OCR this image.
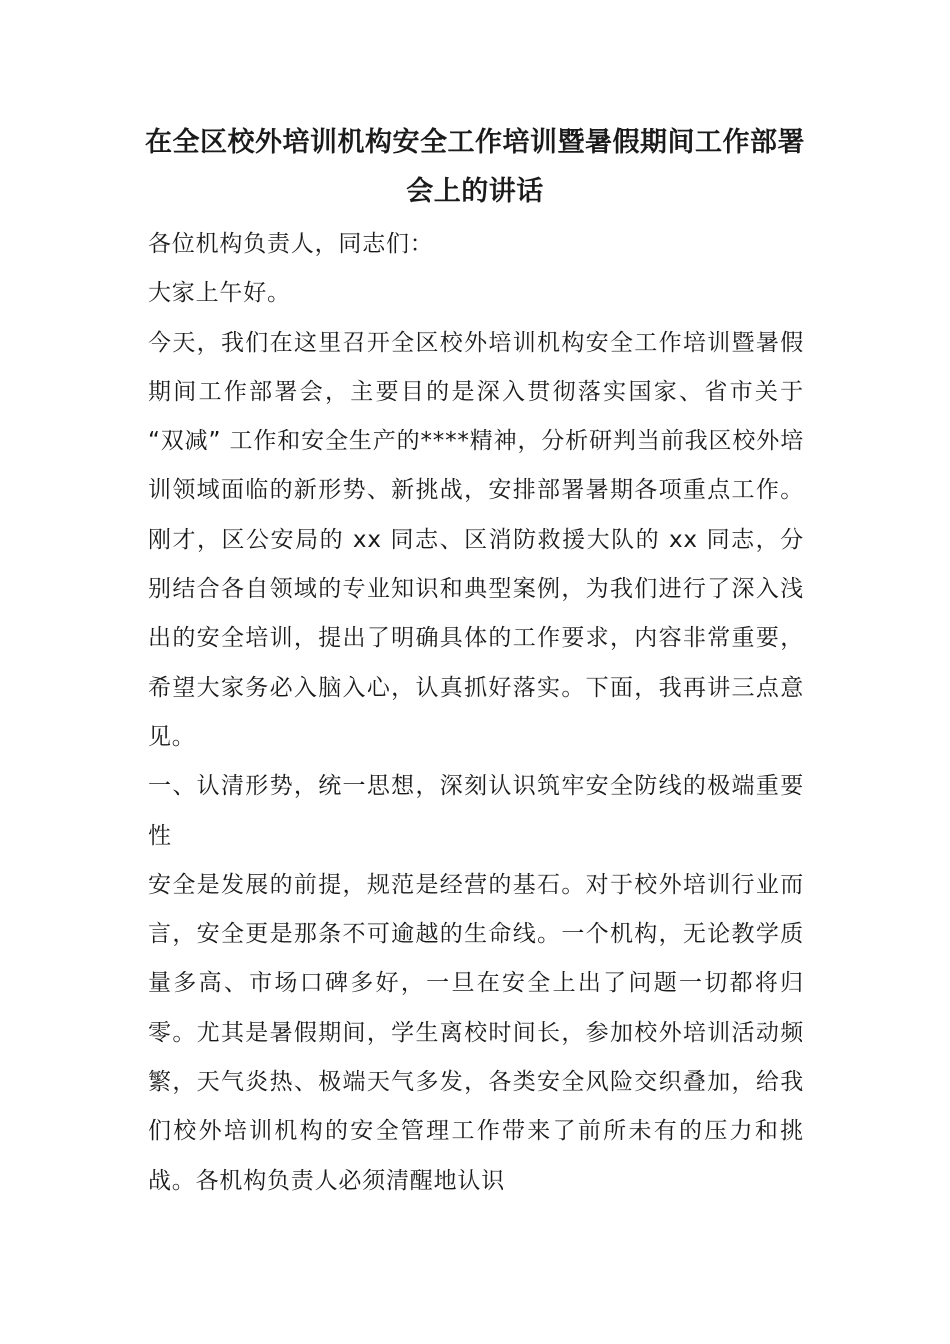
在全区校外培训机构安全工作培训暨暑假期间工作部署会上的讲话

各位机构负责人，同志们：

大家上午好。

今天，我们在这里召开全区校外培训机构安全工作培训暨暑假期间工作部署会，主要目的是深入贯彻落实国家、省市关于 “双减” 工作和安全生产的****精神，分析研判当前我区校外培训领域面临的新形势、新挑战，安排部署暑期各项重点工作。刚才，区公安局的 xx 同志、区消防救援大队的 xx 同志，分别结合各自领域的专业知识和典型案例，为我们进行了深入浅出的安全培训，提出了明确具体的工作要求，内容非常重要，希望大家务必入脑入心，认真抓好落实。下面，我再讲三点意见。

一、认清形势，统一思想，深刻认识筑牢安全防线的极端重要性

安全是发展的前提，规范是经营的基石。对于校外培训行业而言，安全更是那条不可逾越的生命线。一个机构，无论教学质量多高、市场口碑多好，一旦在安全上出了问题一切都将归零。尤其是暑假期间，学生离校时间长，参加校外培训活动频繁，天气炎热、极端天气多发，各类安全风险交织叠加，给我们校外培训机构的安全管理工作带来了前所未有的压力和挑战。各机构负责人必须清醒地认识
